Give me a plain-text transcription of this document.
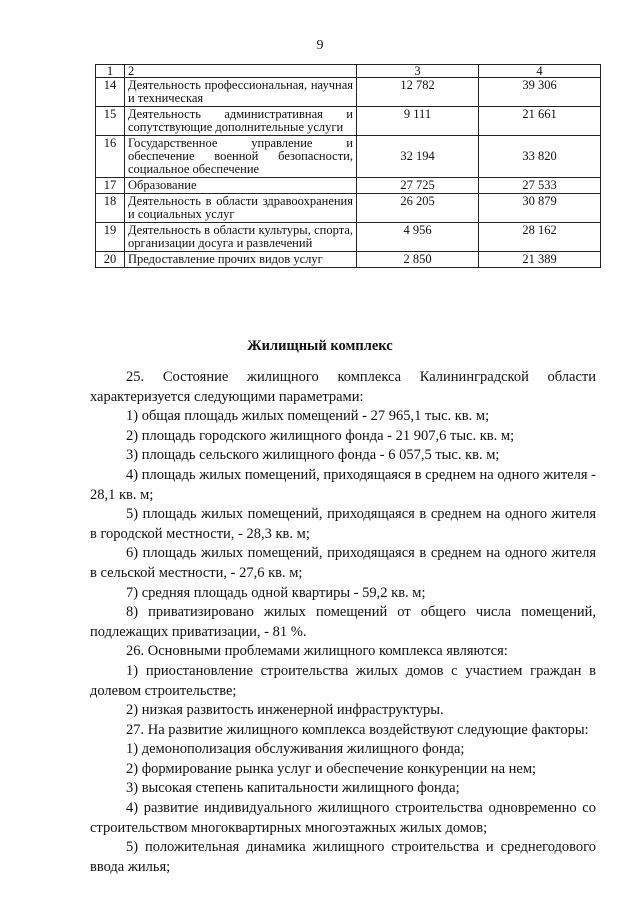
9
1	2	3	4
14	Деятельность профессиональная, научная и техническая	12 782	39 306
15	Деятельность административная и сопутствующие дополнительные услуги	9 111	21 661
16	Государственное управление и обеспечение военной безопасности, социальное обеспечение	32 194	33 820
17	Образование	27 725	27 533
18	Деятельность в области здравоохранения и социальных услуг	26 205	30 879
19	Деятельность в области культуры, спорта, организации досуга и развлечений	4 956	28 162
20	Предоставление прочих видов услуг	2 850	21 389
Жилищный комплекс

25. Состояние жилищного комплекса Калининградской области характеризуется следующими параметрами:

1) общая площадь жилых помещений - 27 965,1 тыс. кв. м;

2) площадь городского жилищного фонда - 21 907,6 тыс. кв. м;

3) площадь сельского жилищного фонда - 6 057,5 тыс. кв. м;

4) площадь жилых помещений, приходящаяся в среднем на одного жителя - 28,1 кв. м;

5) площадь жилых помещений, приходящаяся в среднем на одного жителя в городской местности, - 28,3 кв. м;

6) площадь жилых помещений, приходящаяся в среднем на одного жителя в сельской местности, - 27,6 кв. м;

7) средняя площадь одной квартиры - 59,2 кв. м;

8) приватизировано жилых помещений от общего числа помещений, подлежащих приватизации, - 81 %.

26. Основными проблемами жилищного комплекса являются:

1) приостановление строительства жилых домов с участием граждан в долевом строительстве;

2) низкая развитость инженерной инфраструктуры.

27. На развитие жилищного комплекса воздействуют следующие факторы:

1) демонополизация обслуживания жилищного фонда;

2) формирование рынка услуг и обеспечение конкуренции на нем;

3) высокая степень капитальности жилищного фонда;

4) развитие индивидуального жилищного строительства одновременно со строительством многоквартирных многоэтажных жилых домов;

5) положительная динамика жилищного строительства и среднегодового ввода жилья;
